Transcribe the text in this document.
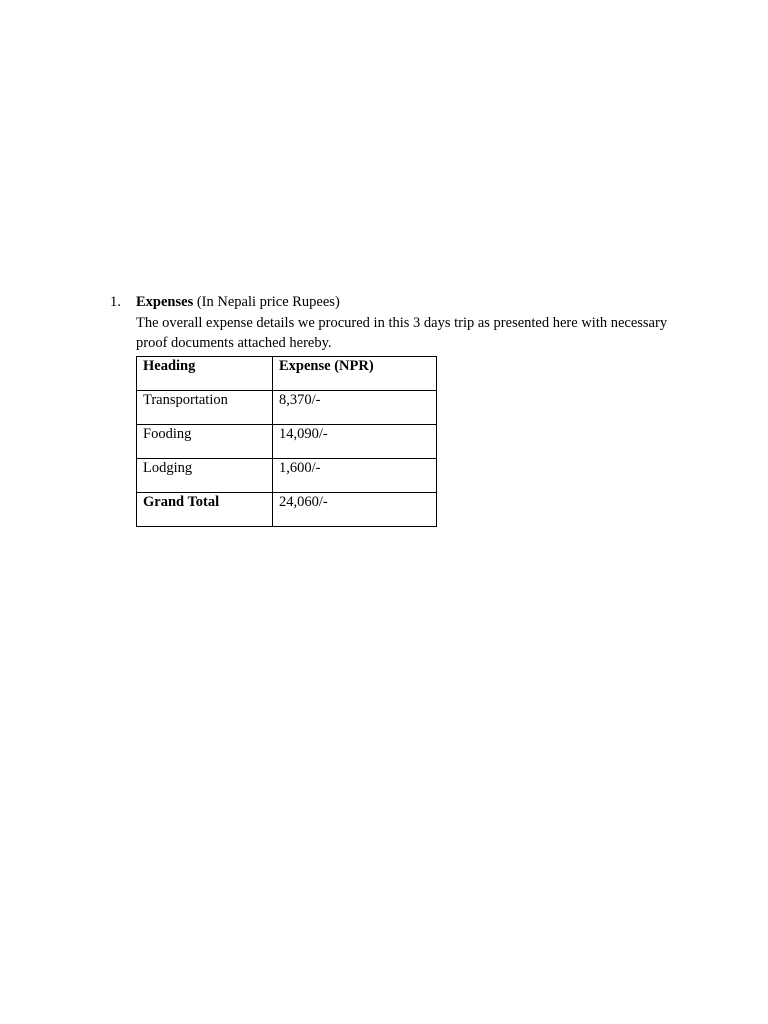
1.	Expenses (In Nepali price Rupees)
The overall expense details we procured in this 3 days trip as presented here with necessary proof documents attached hereby.
Heading	Expense (NPR)
Transportation	8,370/-
Fooding	14,090/-
Lodging	1,600/-
Grand Total	24,060/-
